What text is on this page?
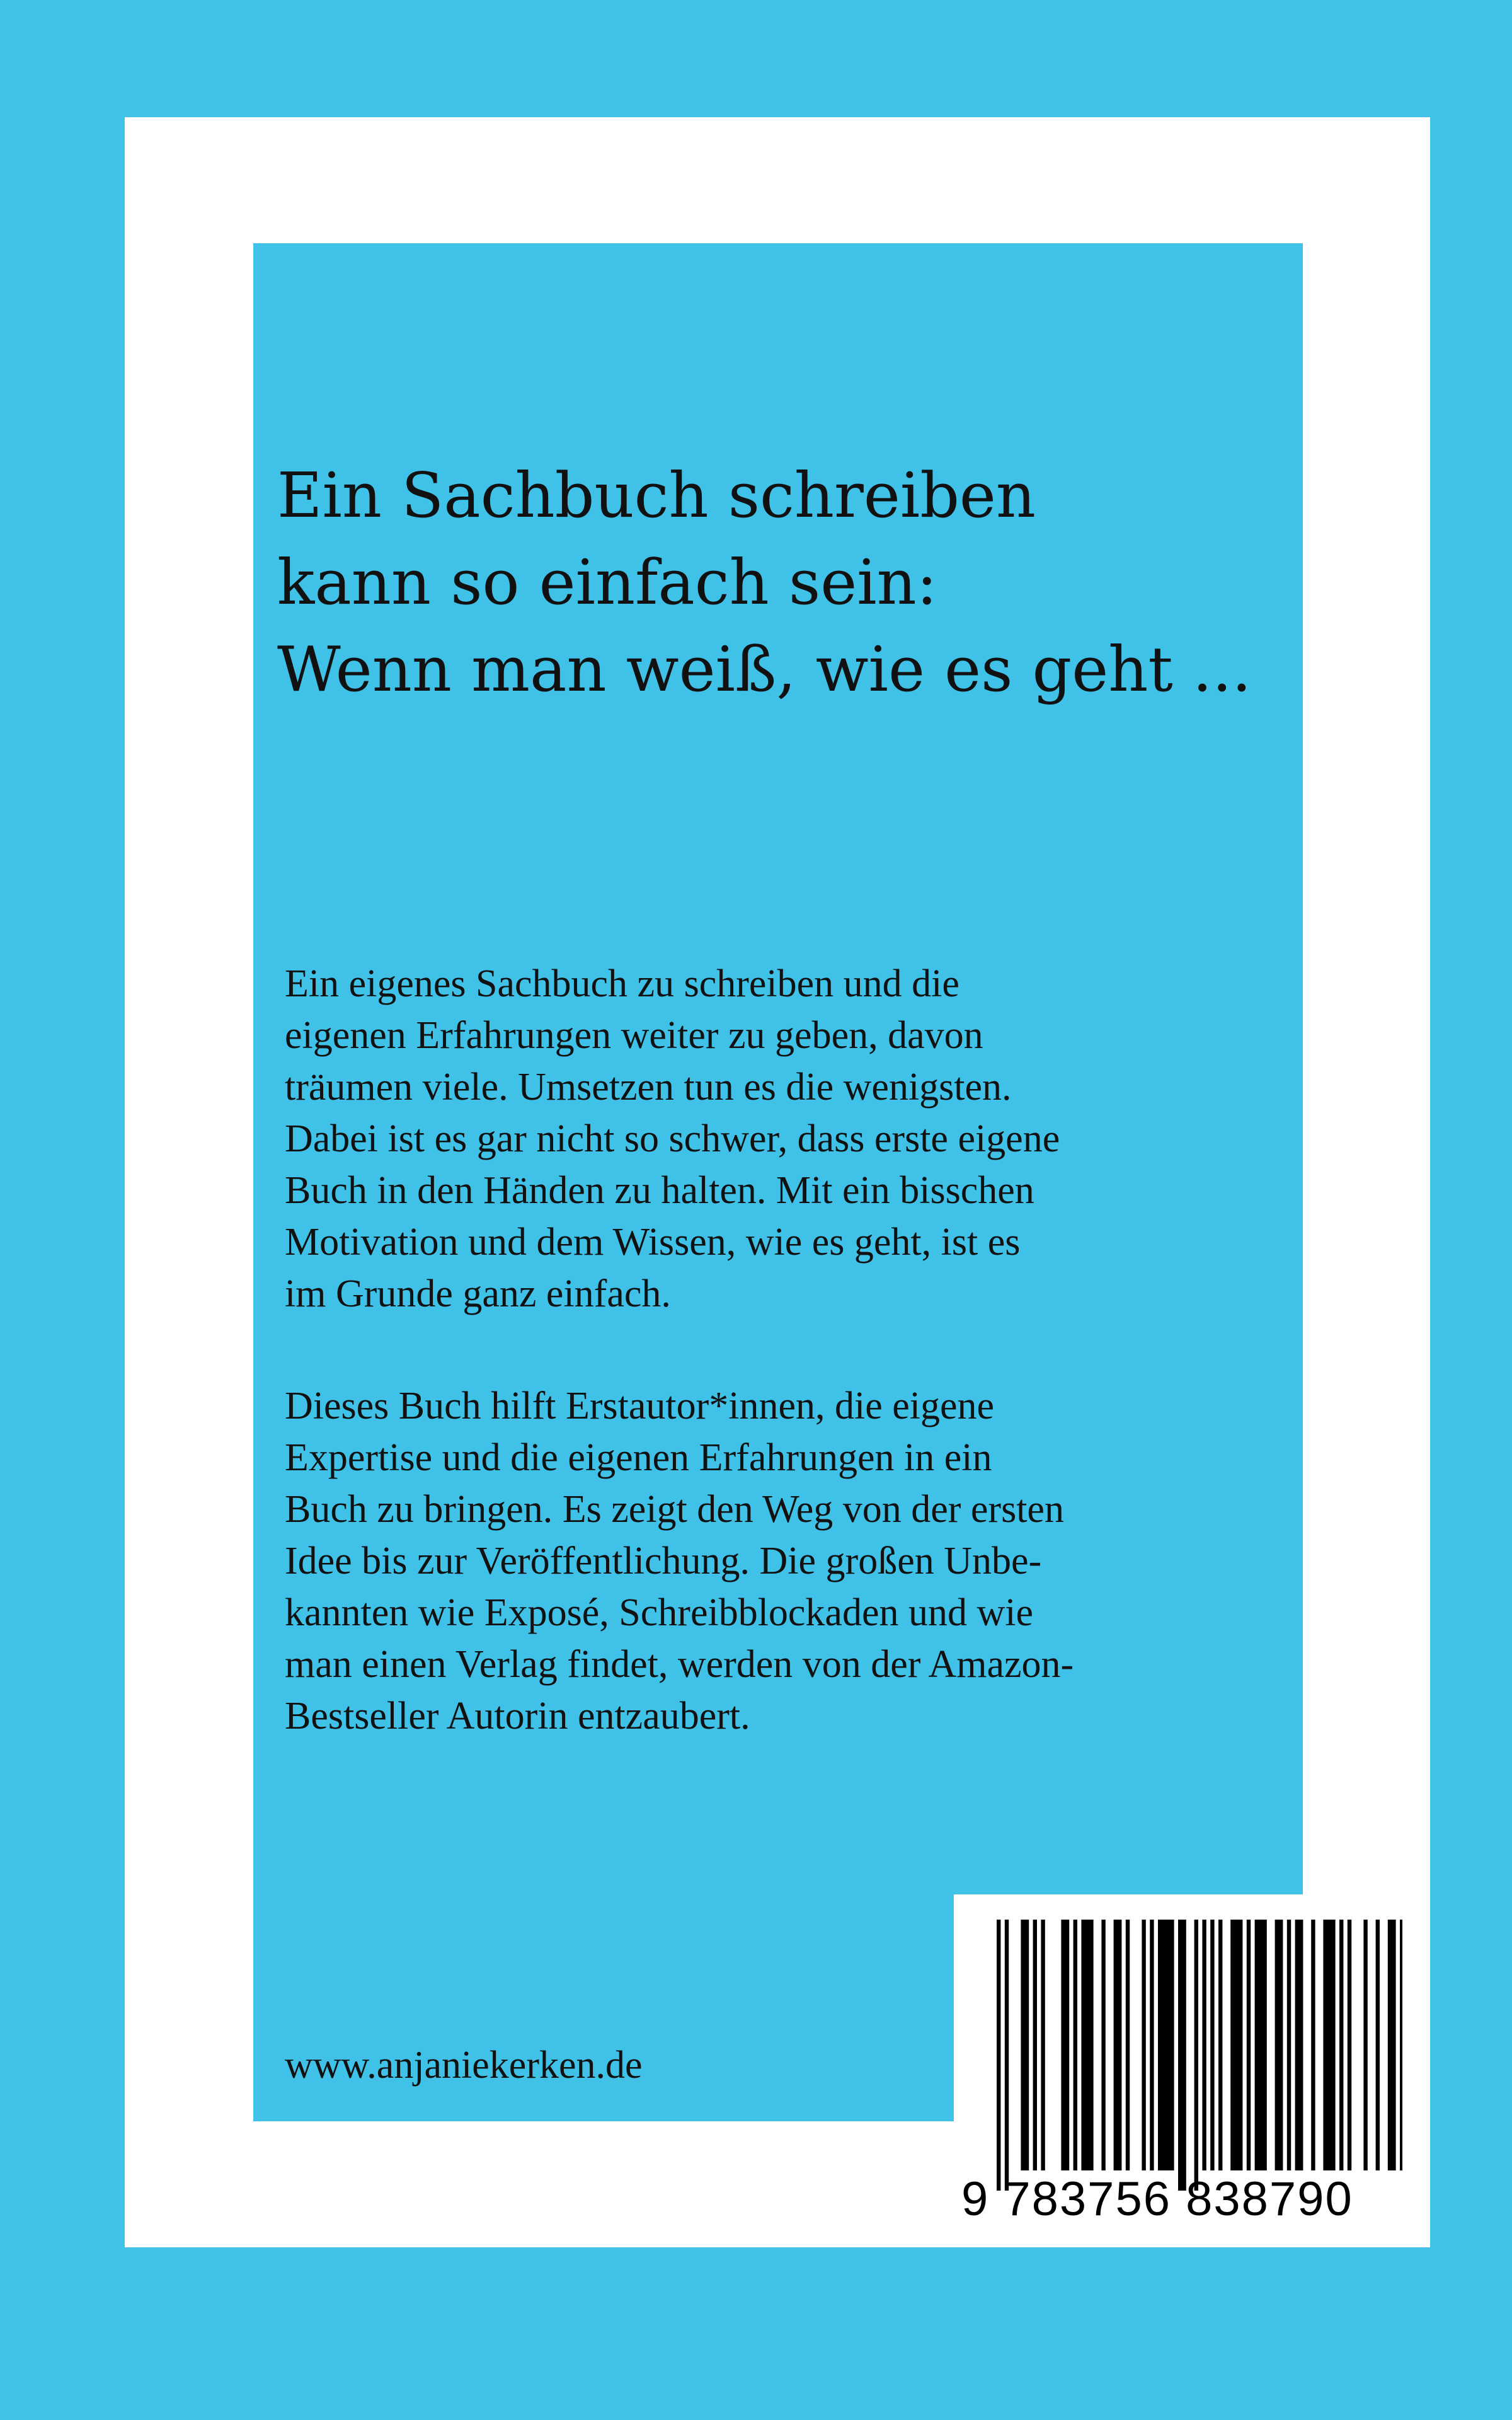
Ein Sachbuch schreiben
kann so einfach sein:
Wenn man weiß, wie es geht ...

Ein eigenes Sachbuch zu schreiben und die
eigenen Erfahrungen weiter zu geben, davon
träumen viele. Umsetzen tun es die wenigsten.
Dabei ist es gar nicht so schwer, dass erste eigene
Buch in den Händen zu halten. Mit ein bisschen
Motivation und dem Wissen, wie es geht, ist es
im Grunde ganz einfach.

Dieses Buch hilft Erstautor*innen, die eigene
Expertise und die eigenen Erfahrungen in ein
Buch zu bringen. Es zeigt den Weg von der ersten
Idee bis zur Veröffentlichung. Die großen Unbe-
kannten wie Exposé, Schreibblockaden und wie
man einen Verlag findet, werden von der Amazon-
Bestseller Autorin entzaubert.

www.anjaniekerken.de
9 783756 838790
